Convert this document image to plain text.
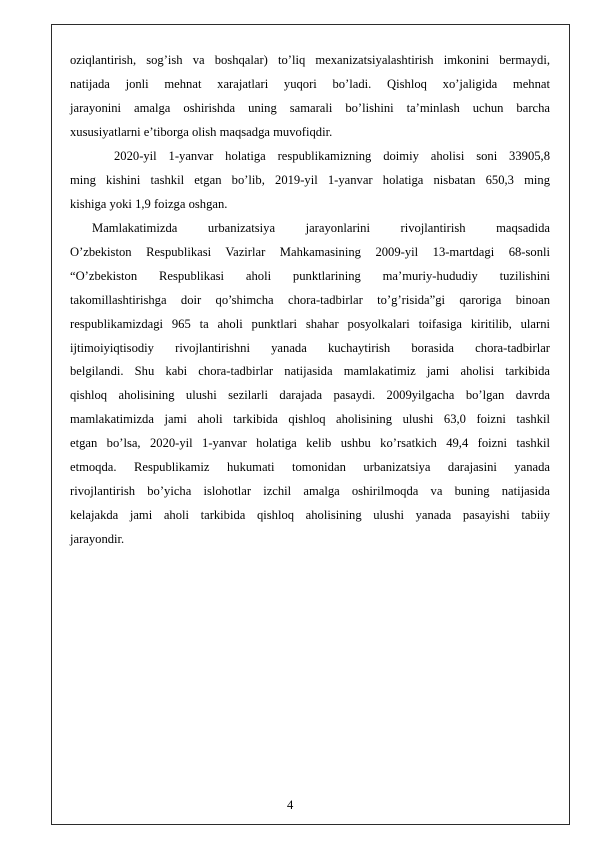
oziqlantirish, sog’ish va boshqalar) to’liq mexanizatsiyalashtirish imkonini bermaydi,
natijada jonli mehnat xarajatlari yuqori bo’ladi. Qishloq xo’jaligida mehnat
jarayonini amalga oshirishda uning samarali bo’lishini ta’minlash uchun barcha
xususiyatlarni e’tiborga olish maqsadga muvofiqdir.
2020-yil 1-yanvar holatiga respublikamizning doimiy aholisi soni 33905,8
ming kishini tashkil etgan bo’lib, 2019-yil 1-yanvar holatiga nisbatan 650,3 ming
kishiga yoki 1,9 foizga oshgan.
Mamlakatimizda urbanizatsiya jarayonlarini rivojlantirish maqsadida
O’zbekiston Respublikasi Vazirlar Mahkamasining 2009-yil 13-martdagi 68-sonli
“O’zbekiston Respublikasi aholi punktlarining ma’muriy-hududiy tuzilishini
takomillashtirishga doir qo’shimcha chora-tadbirlar to’g’risida”gi qaroriga binoan
respublikamizdagi 965 ta aholi punktlari shahar posyolkalari toifasiga kiritilib, ularni
ijtimoiyiqtisodiy rivojlantirishni yanada kuchaytirish borasida chora-tadbirlar
belgilandi. Shu kabi chora-tadbirlar natijasida mamlakatimiz jami aholisi tarkibida
qishloq aholisining ulushi sezilarli darajada pasaydi. 2009yilgacha bo’lgan davrda
mamlakatimizda jami aholi tarkibida qishloq aholisining ulushi 63,0 foizni tashkil
etgan bo’lsa, 2020-yil 1-yanvar holatiga kelib ushbu ko’rsatkich 49,4 foizni tashkil
etmoqda. Respublikamiz hukumati tomonidan urbanizatsiya darajasini yanada
rivojlantirish bo’yicha islohotlar izchil amalga oshirilmoqda va buning natijasida
kelajakda jami aholi tarkibida qishloq aholisining ulushi yanada pasayishi tabiiy
jarayondir.
4
